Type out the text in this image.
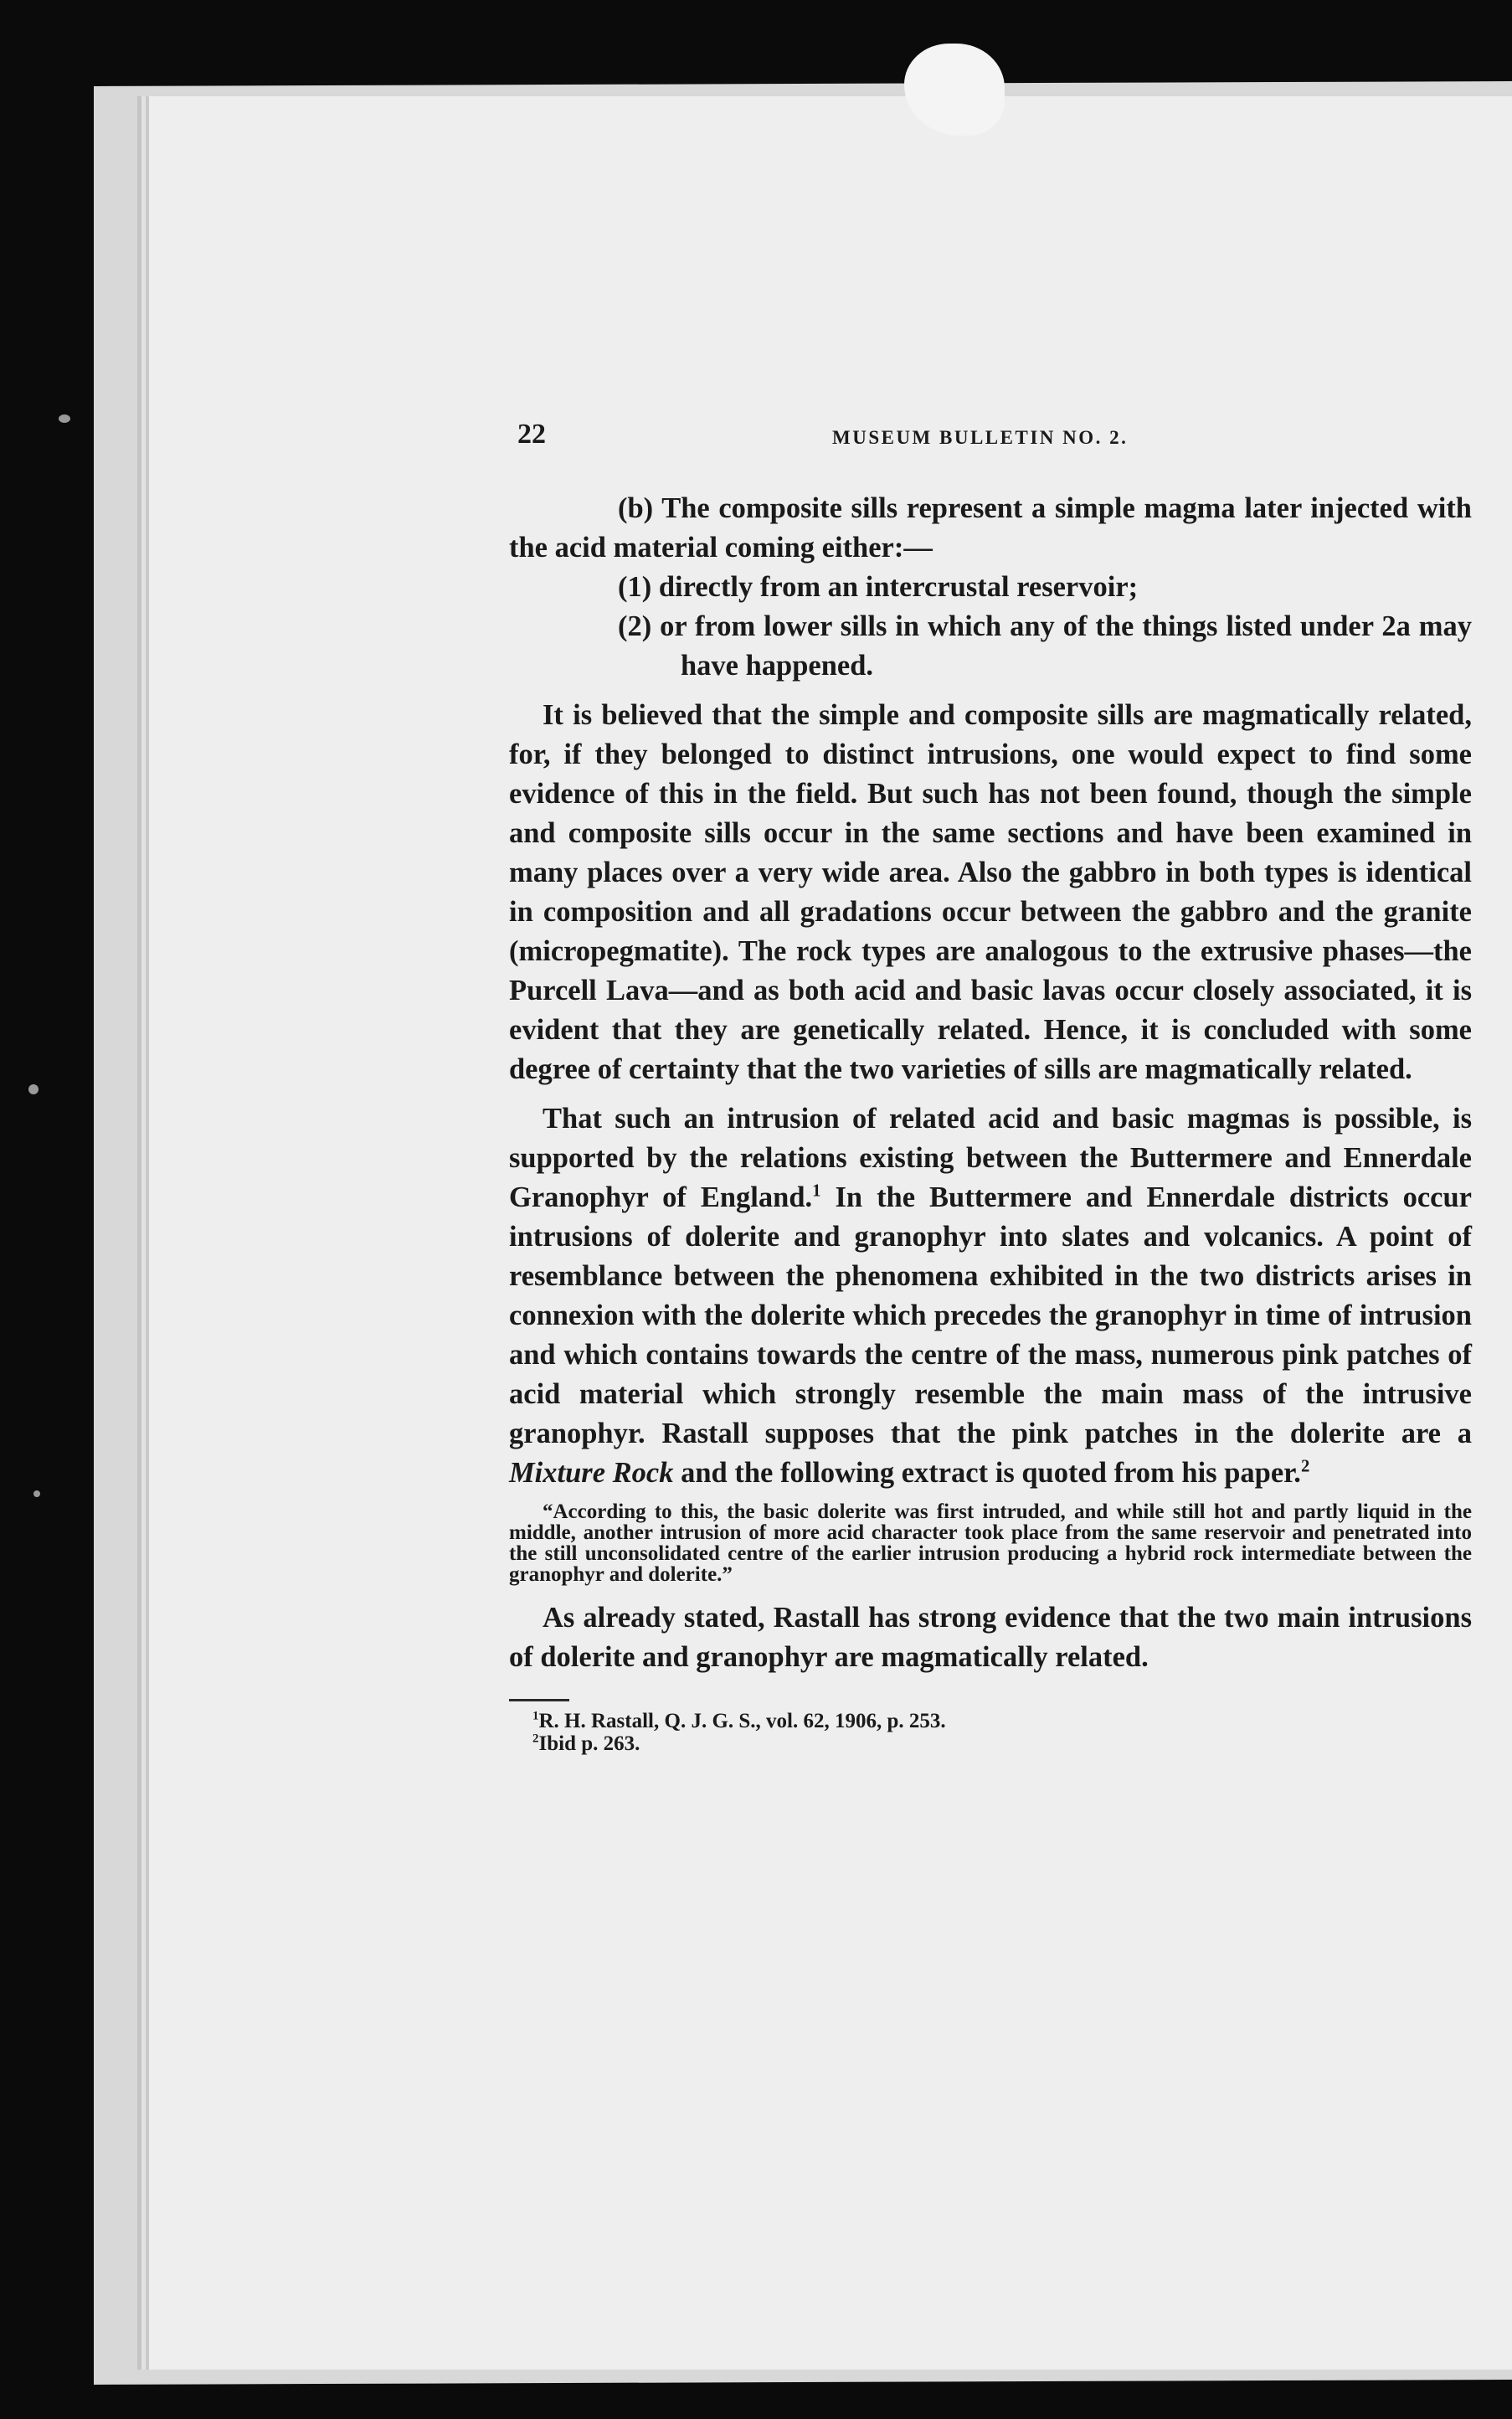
22	MUSEUM BULLETIN NO. 2.

(b) The composite sills represent a simple magma later injected with the acid material coming either:—

(1) directly from an intercrustal reservoir;
(2) or from lower sills in which any of the things listed under 2a may have happened.

It is believed that the simple and composite sills are magmatically related, for, if they belonged to distinct intrusions, one would expect to find some evidence of this in the field. But such has not been found, though the simple and composite sills occur in the same sections and have been examined in many places over a very wide area. Also the gabbro in both types is identical in composition and all gradations occur between the gabbro and the granite (micropegmatite). The rock types are analogous to the extrusive phases—the Purcell Lava—and as both acid and basic lavas occur closely associated, it is evident that they are genetically related. Hence, it is concluded with some degree of certainty that the two varieties of sills are magmatically related.

That such an intrusion of related acid and basic magmas is possible, is supported by the relations existing between the Buttermere and Ennerdale Granophyr of England.$^1$ In the Buttermere and Ennerdale districts occur intrusions of dolerite and granophyr into slates and volcanics. A point of resemblance between the phenomena exhibited in the two districts arises in connexion with the dolerite which precedes the granophyr in time of intrusion and which contains towards the centre of the mass, numerous pink patches of acid material which strongly resemble the main mass of the intrusive granophyr. Rastall supposes that the pink patches in the dolerite are a Mixture Rock and the following extract is quoted from his paper.$^2$

“According to this, the basic dolerite was first intruded, and while still hot and partly liquid in the middle, another intrusion of more acid character took place from the same reservoir and penetrated into the still unconsolidated centre of the earlier intrusion producing a hybrid rock intermediate between the granophyr and dolerite.”

As already stated, Rastall has strong evidence that the two main intrusions of dolerite and granophyr are magmatically related.

$^1$R. H. Rastall, Q. J. G. S., vol. 62, 1906, p. 253.
$^2$Ibid p. 263.
